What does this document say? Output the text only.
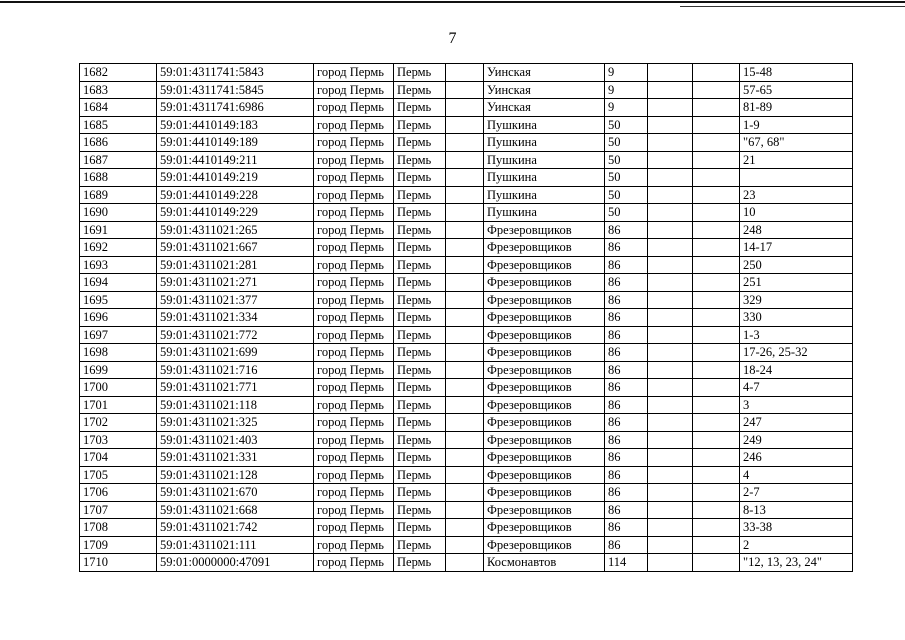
7
1682	59:01:4311741:5843	город Пермь	Пермь		Уинская	9			15-48
1683	59:01:4311741:5845	город Пермь	Пермь		Уинская	9			57-65
1684	59:01:4311741:6986	город Пермь	Пермь		Уинская	9			81-89
1685	59:01:4410149:183	город Пермь	Пермь		Пушкина	50			1-9
1686	59:01:4410149:189	город Пермь	Пермь		Пушкина	50			"67, 68"
1687	59:01:4410149:211	город Пермь	Пермь		Пушкина	50			21
1688	59:01:4410149:219	город Пермь	Пермь		Пушкина	50			
1689	59:01:4410149:228	город Пермь	Пермь		Пушкина	50			23
1690	59:01:4410149:229	город Пермь	Пермь		Пушкина	50			10
1691	59:01:4311021:265	город Пермь	Пермь		Фрезеровщиков	86			248
1692	59:01:4311021:667	город Пермь	Пермь		Фрезеровщиков	86			14-17
1693	59:01:4311021:281	город Пермь	Пермь		Фрезеровщиков	86			250
1694	59:01:4311021:271	город Пермь	Пермь		Фрезеровщиков	86			251
1695	59:01:4311021:377	город Пермь	Пермь		Фрезеровщиков	86			329
1696	59:01:4311021:334	город Пермь	Пермь		Фрезеровщиков	86			330
1697	59:01:4311021:772	город Пермь	Пермь		Фрезеровщиков	86			1-3
1698	59:01:4311021:699	город Пермь	Пермь		Фрезеровщиков	86			17-26, 25-32
1699	59:01:4311021:716	город Пермь	Пермь		Фрезеровщиков	86			18-24
1700	59:01:4311021:771	город Пермь	Пермь		Фрезеровщиков	86			4-7
1701	59:01:4311021:118	город Пермь	Пермь		Фрезеровщиков	86			3
1702	59:01:4311021:325	город Пермь	Пермь		Фрезеровщиков	86			247
1703	59:01:4311021:403	город Пермь	Пермь		Фрезеровщиков	86			249
1704	59:01:4311021:331	город Пермь	Пермь		Фрезеровщиков	86			246
1705	59:01:4311021:128	город Пермь	Пермь		Фрезеровщиков	86			4
1706	59:01:4311021:670	город Пермь	Пермь		Фрезеровщиков	86			2-7
1707	59:01:4311021:668	город Пермь	Пермь		Фрезеровщиков	86			8-13
1708	59:01:4311021:742	город Пермь	Пермь		Фрезеровщиков	86			33-38
1709	59:01:4311021:111	город Пермь	Пермь		Фрезеровщиков	86			2
1710	59:01:0000000:47091	город Пермь	Пермь		Космонавтов	114			"12, 13, 23, 24"
